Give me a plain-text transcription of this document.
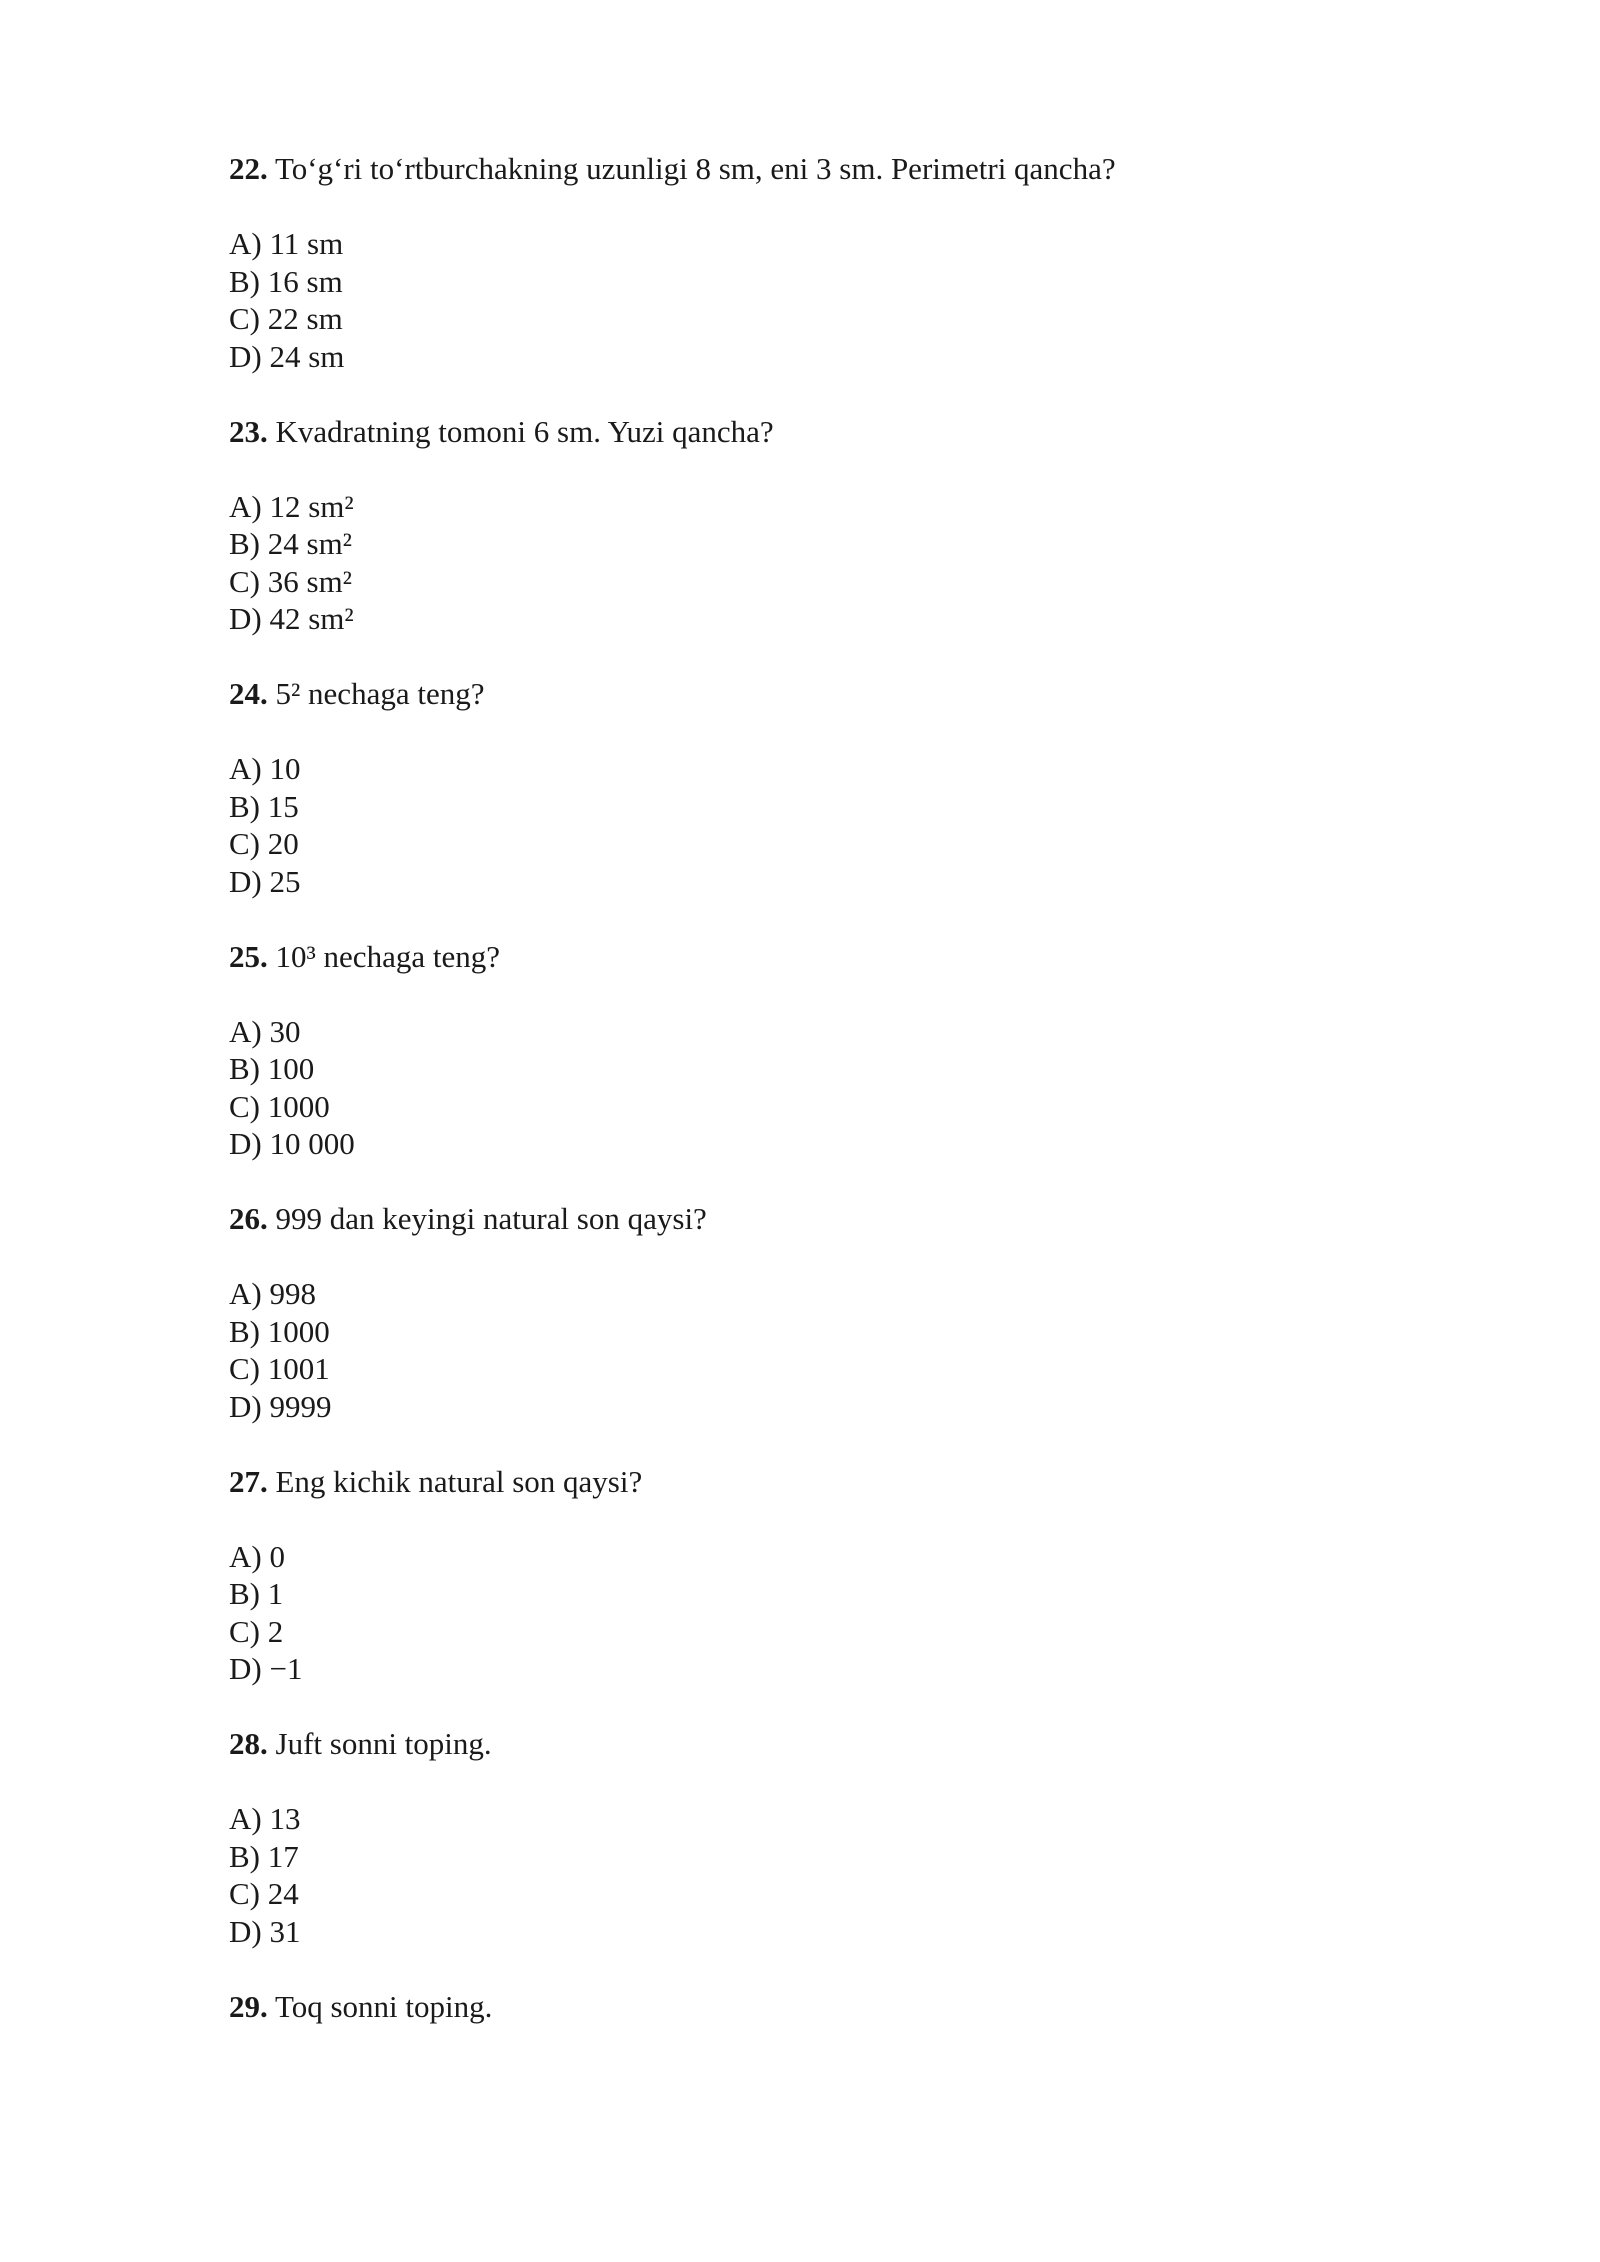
22. To‘g‘ri to‘rtburchakning uzunligi 8 sm, eni 3 sm. Perimetri qancha?

A) 11 sm
B) 16 sm
C) 22 sm
D) 24 sm

23. Kvadratning tomoni 6 sm. Yuzi qancha?

A) 12 sm²
B) 24 sm²
C) 36 sm²
D) 42 sm²

24. 5² nechaga teng?

A) 10
B) 15
C) 20
D) 25

25. 10³ nechaga teng?

A) 30
B) 100
C) 1000
D) 10 000

26. 999 dan keyingi natural son qaysi?

A) 998
B) 1000
C) 1001
D) 9999

27. Eng kichik natural son qaysi?

A) 0
B) 1
C) 2
D) −1

28. Juft sonni toping.

A) 13
B) 17
C) 24
D) 31

29. Toq sonni toping.
